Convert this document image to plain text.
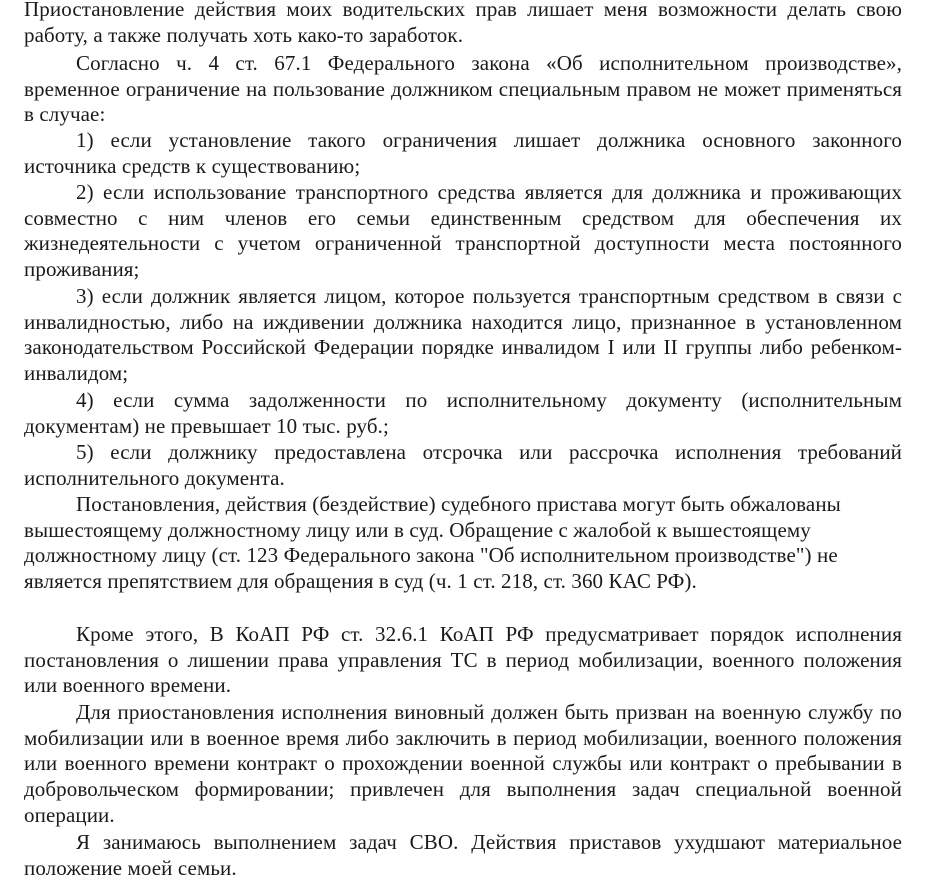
Приостановление действия моих водительских прав лишает меня возможности делать свою работу, а также получать хоть како-то заработок.

Согласно ч. 4 ст. 67.1 Федерального закона «Об исполнительном производстве», временное ограничение на пользование должником специальным правом не может применяться в случае:

1) если установление такого ограничения лишает должника основного законного источника средств к существованию;

2) если использование транспортного средства является для должника и проживающих совместно с ним членов его семьи единственным средством для обеспечения их жизнедеятельности с учетом ограниченной транспортной доступности места постоянного проживания;

3) если должник является лицом, которое пользуется транспортным средством в связи с инвалидностью, либо на иждивении должника находится лицо, признанное в установленном законодательством Российской Федерации порядке инвалидом I или II группы либо ребенком-инвалидом;

4) если сумма задолженности по исполнительному документу (исполнительным документам) не превышает 10 тыс. руб.;

5) если должнику предоставлена отсрочка или рассрочка исполнения требований исполнительного документа.

Постановления, действия (бездействие) судебного пристава могут быть обжалованы вышестоящему должностному лицу или в суд. Обращение с жалобой к вышестоящему должностному лицу (ст. 123 Федерального закона "Об исполнительном производстве") не является препятствием для обращения в суд (ч. 1 ст. 218, ст. 360 КАС РФ).

Кроме этого, В КоАП РФ ст. 32.6.1 КоАП РФ предусматривает порядок исполнения постановления о лишении права управления ТС в период мобилизации, военного положения или военного времени.

Для приостановления исполнения виновный должен быть призван на военную службу по мобилизации или в военное время либо заключить в период мобилизации, военного положения или военного времени контракт о прохождении военной службы или контракт о пребывании в добровольческом формировании; привлечен для выполнения задач специальной военной операции.

Я занимаюсь выполнением задач СВО. Действия приставов ухудшают материальное положение моей семьи.
